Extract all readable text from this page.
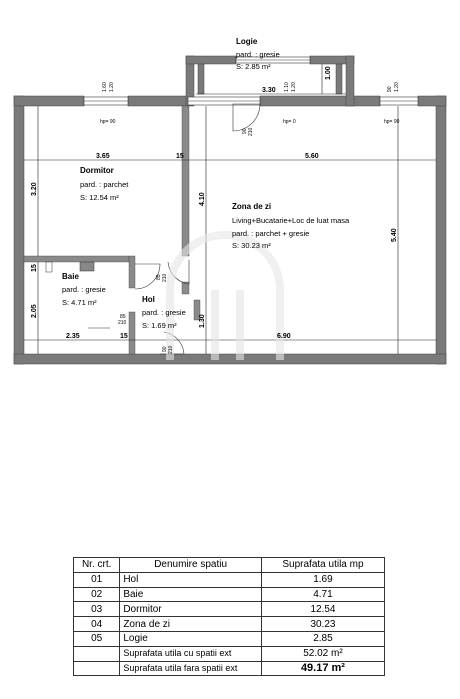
Logie
pard. : gresie
S: 2.85 m²
Dormitor
pard. : parchet
S: 12.54 m²
Zona de zi
Living+Bucatarie+Loc de luat masa
pard. : parchet + gresie
S: 30.23 m²
Baie
pard. : gresie
S: 4.71 m²	Hol
pard. : gresie
S: 1.69 m²
3.65	15	5.60
3.30
1.00
3.20
4.10
5.40
15
2.05
1.30
2.35	15	6.90
1.60 1.20	1.10 1.20	90 1.20
hp= 90	hp= 0	hp= 90
90 210
85
210
85 210
90 210
Nr. crt.	Denumire spatiu	Suprafata utila mp
01	Hol	1.69
02	Baie	4.71
03	Dormitor	12.54
04	Zona de zi	30.23
05	Logie	2.85
	Suprafata utila cu spatii ext	52.02 m²
	Suprafata utila fara spatii ext	49.17 m²
